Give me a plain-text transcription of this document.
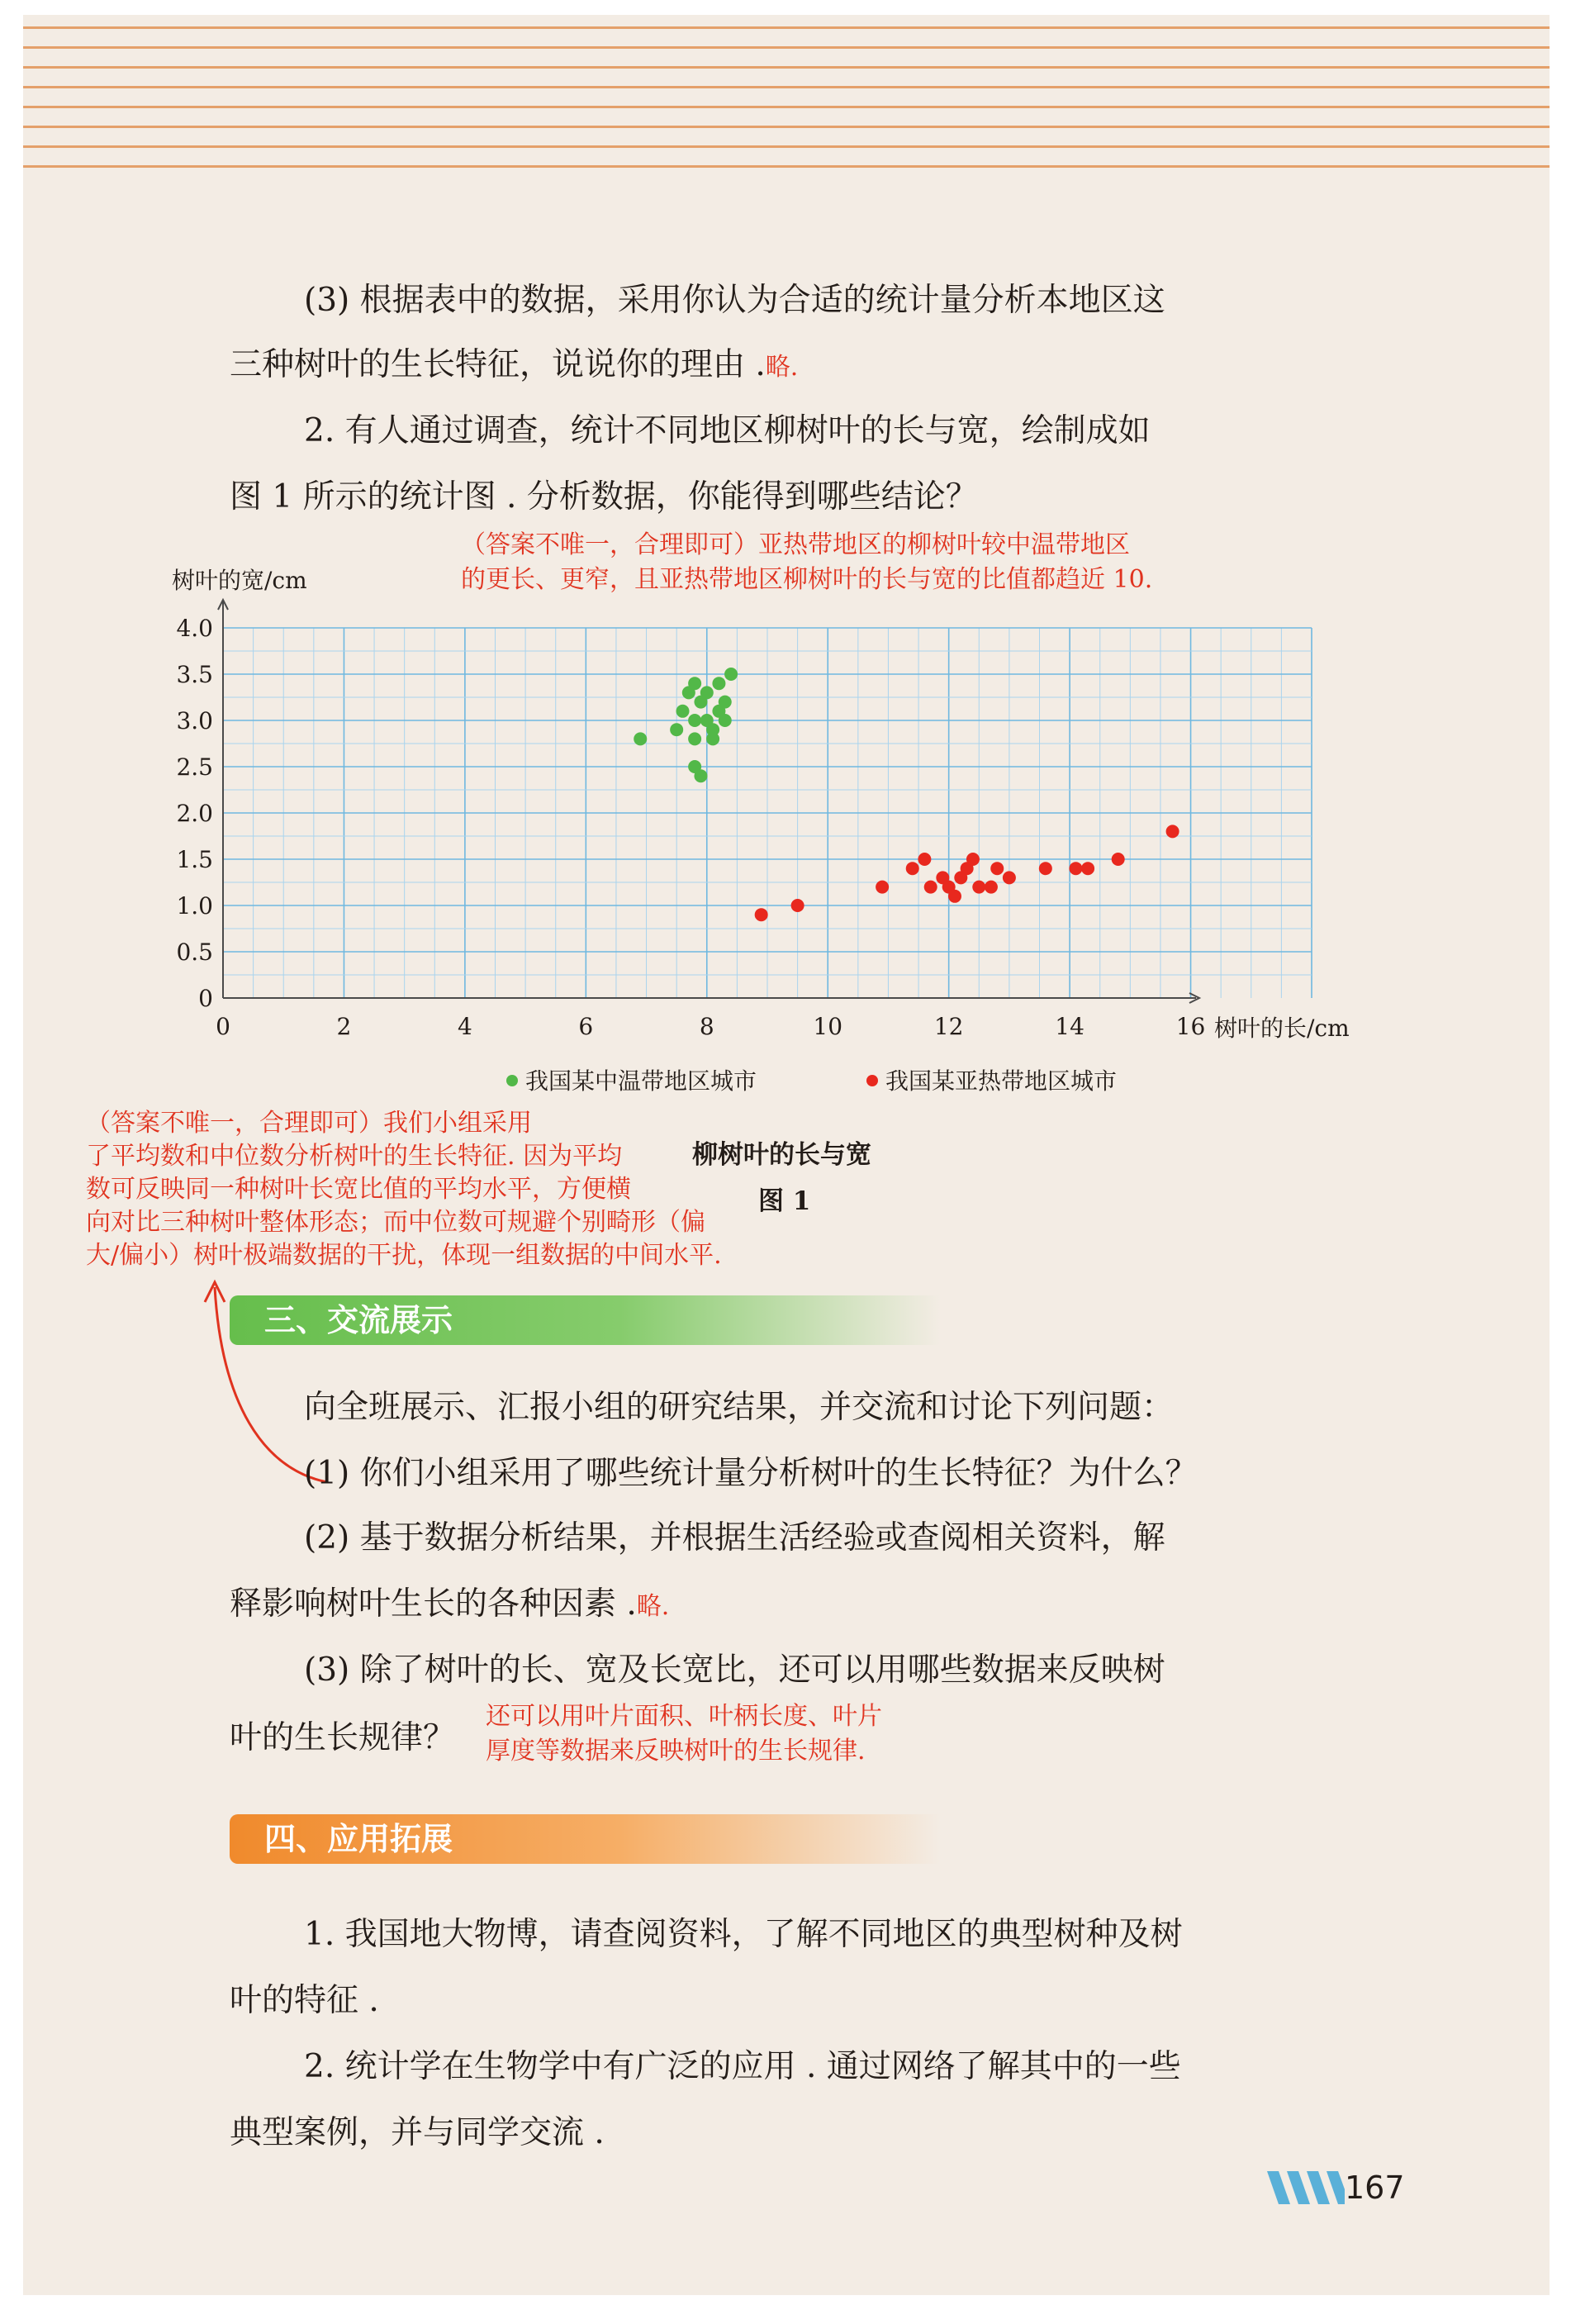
(3) 根据表中的数据，采用你认为合适的统计量分析本地区这
三种树叶的生长特征，说说你的理由 .略.
2. 有人通过调查，统计不同地区柳树叶的长与宽，绘制成如
图 1 所示的统计图 . 分析数据，你能得到哪些结论？
（答案不唯一，合理即可）亚热带地区的柳树叶较中温带地区
的更长、更窄，且亚热带地区柳树叶的长与宽的比值都趋近 10.
0	2	4	6	8	10	12	14	16
0
0.5
1.0
1.5
2.0
2.5
3.0
3.5
4.0
树叶的宽/cm
树叶的长/cm
我国某中温带地区城市	我国某亚热带地区城市
柳树叶的长与宽
图 1
（答案不唯一，合理即可）我们小组采用
了平均数和中位数分析树叶的生长特征. 因为平均
数可反映同一种树叶长宽比值的平均水平，方便横
向对比三种树叶整体形态；而中位数可规避个别畸形（偏
大/偏小）树叶极端数据的干扰，体现一组数据的中间水平.
三、交流展示
向全班展示、汇报小组的研究结果，并交流和讨论下列问题：
(1) 你们小组采用了哪些统计量分析树叶的生长特征？为什么？
(2) 基于数据分析结果，并根据生活经验或查阅相关资料，解
释影响树叶生长的各种因素 .略.
(3) 除了树叶的长、宽及长宽比，还可以用哪些数据来反映树
叶的生长规律？
还可以用叶片面积、叶柄长度、叶片
厚度等数据来反映树叶的生长规律.
四、应用拓展
1. 我国地大物博，请查阅资料，了解不同地区的典型树种及树
叶的特征 .
2. 统计学在生物学中有广泛的应用 . 通过网络了解其中的一些
典型案例，并与同学交流 .
167
